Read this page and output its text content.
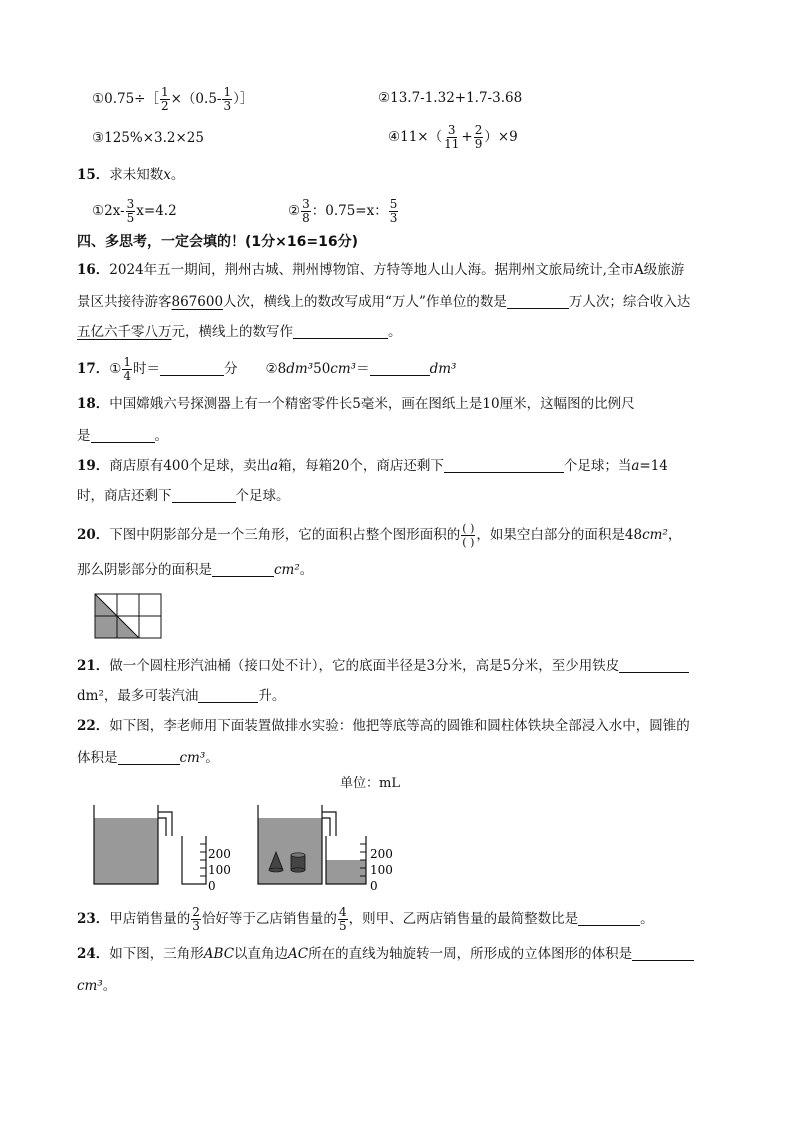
①0.75÷［ $\frac{1}{2} \times(0.5- \frac{1}{3}$ ）］	②13.7-1.32+1.7-3.68
③125%×3.2×25	④11×（ $\frac{3}{11} + \frac{2}{9} )\times 9$
15．求未知数x。
①2x- $\frac{3}{5} x=4.2$	② $\frac{3}{8}$ ：0.75=x： $\frac{5}{3}$
四、多思考，一定会填的！(1分×16=16分)
16．2024年五一期间，荆州古城、荆州博物馆、方特等地人山人海。据荆州文旅局统计,全市A级旅游
景区共接待游客867600人次，横线上的数改写成用“万人”作单位的数是	万人次；综合收入达
五亿六千零八万元，横线上的数写作	。
17．① $\frac{1}{4}$ 时＝	分 ②8dm³50cm³＝	dm³
18．中国嫦娥六号探测器上有一个精密零件长5毫米，画在图纸上是10厘米，这幅图的比例尺
是	。
19．商店原有400个足球，卖出a箱，每箱20个，商店还剩下	个足球；当a=14
时，商店还剩下	个足球。
20．下图中阴影部分是一个三角形，它的面积占整个图形面积的 $\frac{( )}{( )}$ ，如果空白部分的面积是48cm²，
那么阴影部分的面积是	cm²。
21．做一个圆柱形汽油桶（接口处不计），它的底面半径是3分米，高是5分米，至少用铁皮
dm²，最多可装汽油	升。
22．如下图，李老师用下面装置做排水实验：他把等底等高的圆锥和圆柱体铁块全部浸入水中，圆锥的
体积是	cm³。
单位：mL
200
100
0
200
100
0
23．甲店销售量的 $\frac{2}{3}$ 恰好等于乙店销售量的 $\frac{4}{5}$ ，则甲、乙两店销售量的最简整数比是	。
24．如下图，三角形ABC以直角边AC所在的直线为轴旋转一周，所形成的立体图形的体积是
cm³。
